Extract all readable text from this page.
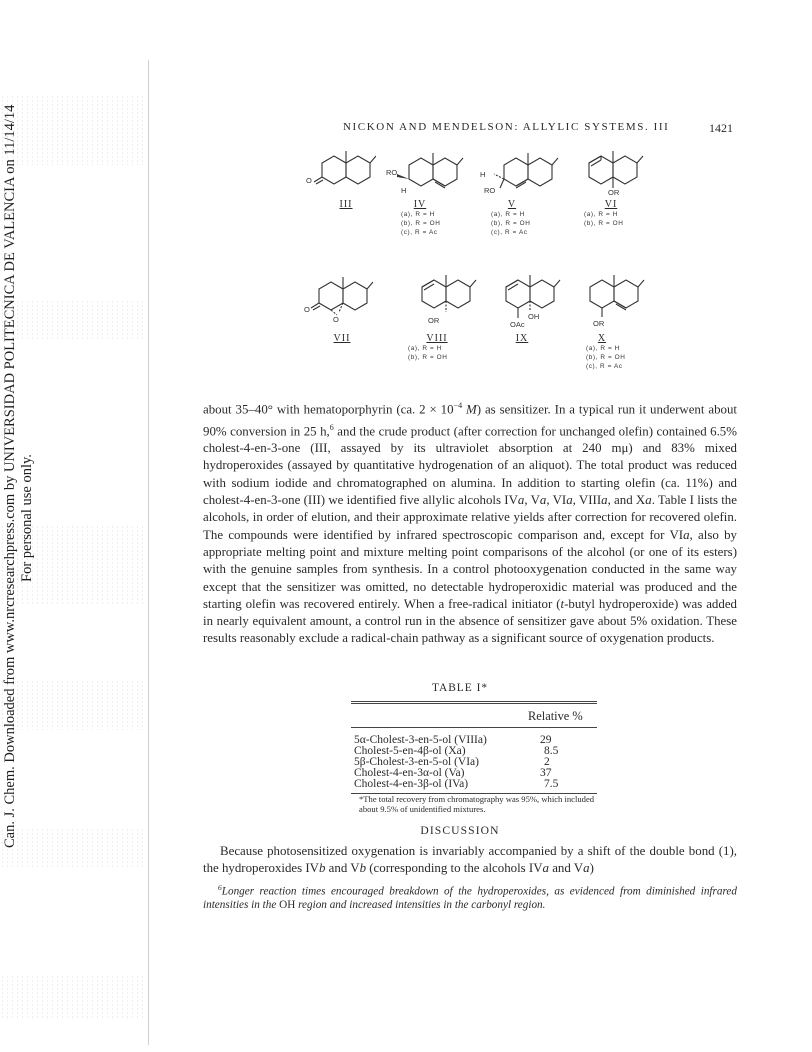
Can. J. Chem. Downloaded from www.nrcresearchpress.com by UNIVERSIDAD POLITECNICA DE VALENCIA on 11/14/14 For personal use only.
NICKON AND MENDELSON: ALLYLIC SYSTEMS. III	1421
O
III
RO
H
IV
(a), R = H
(b), R = OH
(c), R = Ac
H
RO
V
(a), R = H
(b), R = OH
(c), R = Ac
OR
VI
(a), R = H
(b), R = OH
O
O
VII
OR
VIII
(a), R = H
(b), R = OH
OH
OAc
IX
OR
X
(a), R = H
(b), R = OH
(c), R = Ac

about 35–40° with hematoporphyrin (ca. $2 \times 10^{-4}$ M) as sensitizer. In a typical run it underwent about 90% conversion in 25 h,$^6$ and the crude product (after correction for unchanged olefin) contained 6.5% cholest-4-en-3-one (III, assayed by its ultraviolet absorption at 240 mμ) and 83% mixed hydroperoxides (assayed by quantitative hydrogenation of an aliquot). The total product was reduced with sodium iodide and chromatographed on alumina. In addition to starting olefin (ca. 11%) and cholest-4-en-3-one (III) we identified five allylic alcohols IVa, Va, VIa, VIIIa, and Xa. Table I lists the alcohols, in order of elution, and their approximate relative yields after correction for recovered olefin. The compounds were identified by infrared spectroscopic comparison and, except for VIa, also by appropriate melting point and mixture melting point comparisons of the alcohol (or one of its esters) with the genuine samples from synthesis. In a control photooxygenation conducted in the same way except that the sensitizer was omitted, no detectable hydroperoxidic material was produced and the starting olefin was recovered entirely. When a free-radical initiator (t-butyl hydroperoxide) was added in nearly equivalent amount, a control run in the absence of sensitizer gave about 5% oxidation. These results reasonably exclude a radical-chain pathway as a significant source of oxygenation products.

TABLE I*
Relative %
5α-Cholest-3-en-5-ol (VIIIa)	29
Cholest-5-en-4β-ol (Xa)	8.5
5β-Cholest-3-en-5-ol (VIa)	2
Cholest-4-en-3α-ol (Va)	37
Cholest-4-en-3β-ol (IVa)	7.5
*The total recovery from chromatography was 95%, which included about 9.5% of unidentified mixtures.
DISCUSSION

Because photosensitized oxygenation is invariably accompanied by a shift of the double bond (1), the hydroperoxides IVb and Vb (corresponding to the alcohols IVa and Va)

$^6$Longer reaction times encouraged breakdown of the hydroperoxides, as evidenced from diminished infrared intensities in the OH region and increased intensities in the carbonyl region.
